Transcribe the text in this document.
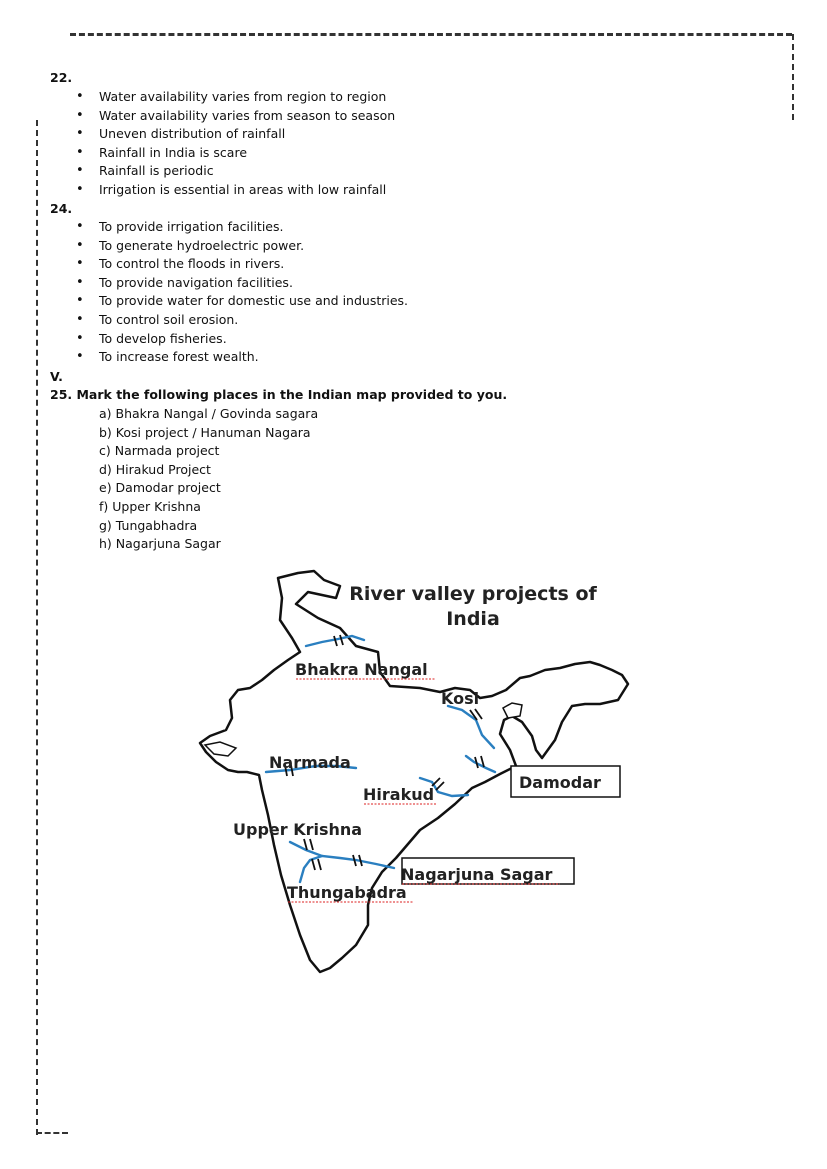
22.
• Water availability varies from region to region
• Water availability varies from season to season
• Uneven distribution of rainfall
• Rainfall in India is scare
• Rainfall is periodic
• Irrigation is essential in areas with low rainfall
24.
• To provide irrigation facilities.
• To generate hydroelectric power.
• To control the floods in rivers.
• To provide navigation facilities.
• To provide water for domestic use and industries.
• To control soil erosion.
• To develop fisheries.
• To increase forest wealth.
V.
25. Mark the following places in the Indian map provided to you.
a) Bhakra Nangal / Govinda sagara
b) Kosi project / Hanuman Nagara
c) Narmada project
d) Hirakud Project
e) Damodar project
f) Upper Krishna
g) Tungabhadra
h) Nagarjuna Sagar
River valley projects of
India
Bhakra Nangal
Kosi
Narmada
Hirakud
Damodar
Upper Krishna
Nagarjuna Sagar
Thungabadra
